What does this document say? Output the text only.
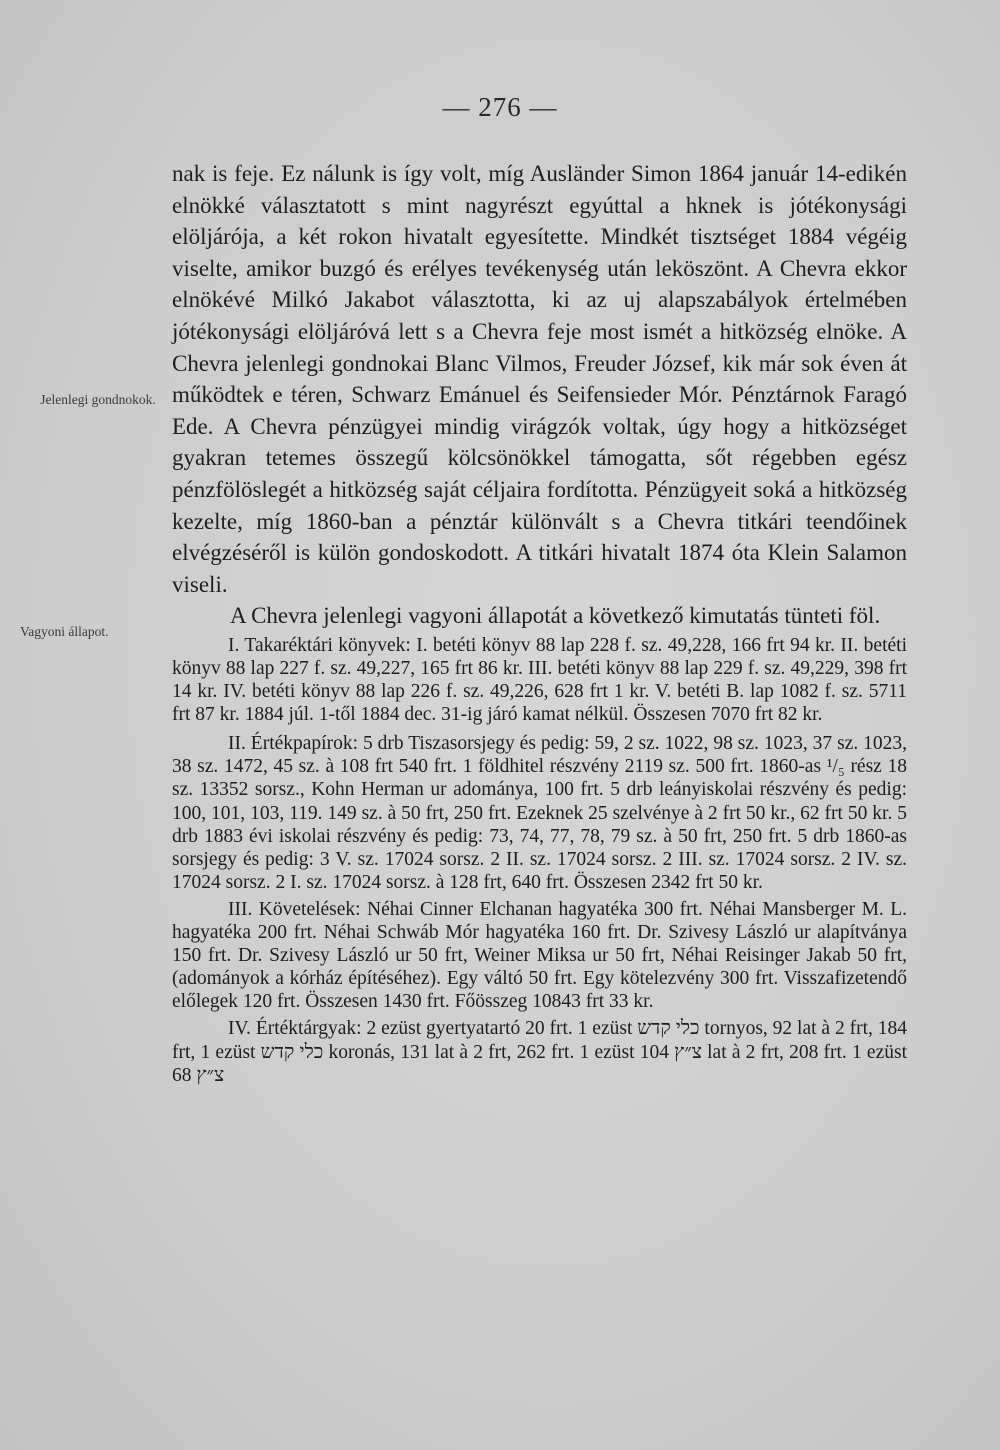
— 276 —
Jelenlegi gondnokok.
Vagyoni állapot.

nak is feje. Ez nálunk is így volt, míg Ausländer Simon 1864 január 14-edikén elnökké választatott s mint nagyrészt egyúttal a hknek is jótékonysági elöljárója, a két rokon hivatalt egyesítette. Mindkét tisztséget 1884 végéig viselte, amikor buzgó és erélyes tevékenység után leköszönt. A Chevra ekkor elnökévé Milkó Jakabot választotta, ki az uj alapszabályok értelmében jótékonysági elöljáróvá lett s a Chevra feje most ismét a hitközség elnöke. A Chevra jelenlegi gondnokai Blanc Vilmos, Freuder József, kik már sok éven át működtek e téren, Schwarz Emánuel és Seifensieder Mór. Pénztárnok Faragó Ede. A Chevra pénzügyei mindig virágzók voltak, úgy hogy a hitközséget gyakran tetemes összegű kölcsönökkel támogatta, sőt régebben egész pénzfölöslegét a hitközség saját céljaira fordította. Pénzügyeit soká a hitközség kezelte, míg 1860-ban a pénztár különvált s a Chevra titkári teendőinek elvégzéséről is külön gondoskodott. A titkári hivatalt 1874 óta Klein Salamon viseli.

A Chevra jelenlegi vagyoni állapotát a következő kimutatás tünteti föl.

I. Takaréktári könyvek: I. betéti könyv 88 lap 228 f. sz. 49,228, 166 frt 94 kr. II. betéti könyv 88 lap 227 f. sz. 49,227, 165 frt 86 kr. III. betéti könyv 88 lap 229 f. sz. 49,229, 398 frt 14 kr. IV. betéti könyv 88 lap 226 f. sz. 49,226, 628 frt 1 kr. V. betéti B. lap 1082 f. sz. 5711 frt 87 kr. 1884 júl. 1-től 1884 dec. 31-ig járó kamat nélkül. Összesen 7070 frt 82 kr.

II. Értékpapírok: 5 drb Tiszasorsjegy és pedig: 59, 2 sz. 1022, 98 sz. 1023, 37 sz. 1023, 38 sz. 1472, 45 sz. à 108 frt 540 frt. 1 földhitel részvény 2119 sz. 500 frt. 1860-as ¹/₅ rész 18 sz. 13352 sorsz., Kohn Herman ur adománya, 100 frt. 5 drb leányiskolai részvény és pedig: 100, 101, 103, 119. 149 sz. à 50 frt, 250 frt. Ezeknek 25 szelvénye à 2 frt 50 kr., 62 frt 50 kr. 5 drb 1883 évi iskolai részvény és pedig: 73, 74, 77, 78, 79 sz. à 50 frt, 250 frt. 5 drb 1860-as sorsjegy és pedig: 3 V. sz. 17024 sorsz. 2 II. sz. 17024 sorsz. 2 III. sz. 17024 sorsz. 2 IV. sz. 17024 sorsz. 2 I. sz. 17024 sorsz. à 128 frt, 640 frt. Összesen 2342 frt 50 kr.

III. Követelések: Néhai Cinner Elchanan hagyatéka 300 frt. Néhai Mansberger M. L. hagyatéka 200 frt. Néhai Schwáb Mór hagyatéka 160 frt. Dr. Szivesy László ur alapítványa 150 frt. Dr. Szivesy László ur 50 frt, Weiner Miksa ur 50 frt, Néhai Reisinger Jakab 50 frt, (adományok a kórház építéséhez). Egy váltó 50 frt. Egy kötelezvény 300 frt. Visszafizetendő előlegek 120 frt. Összesen 1430 frt. Főösszeg 10843 frt 33 kr.

IV. Értéktárgyak: 2 ezüst gyertyatartó 20 frt. 1 ezüst כלי קדש tornyos, 92 lat à 2 frt, 184 frt, 1 ezüst כלי קדש koronás, 131 lat à 2 frt, 262 frt. 1 ezüst צ״ץ 104 lat à 2 frt, 208 frt. 1 ezüst צ״ץ 68
